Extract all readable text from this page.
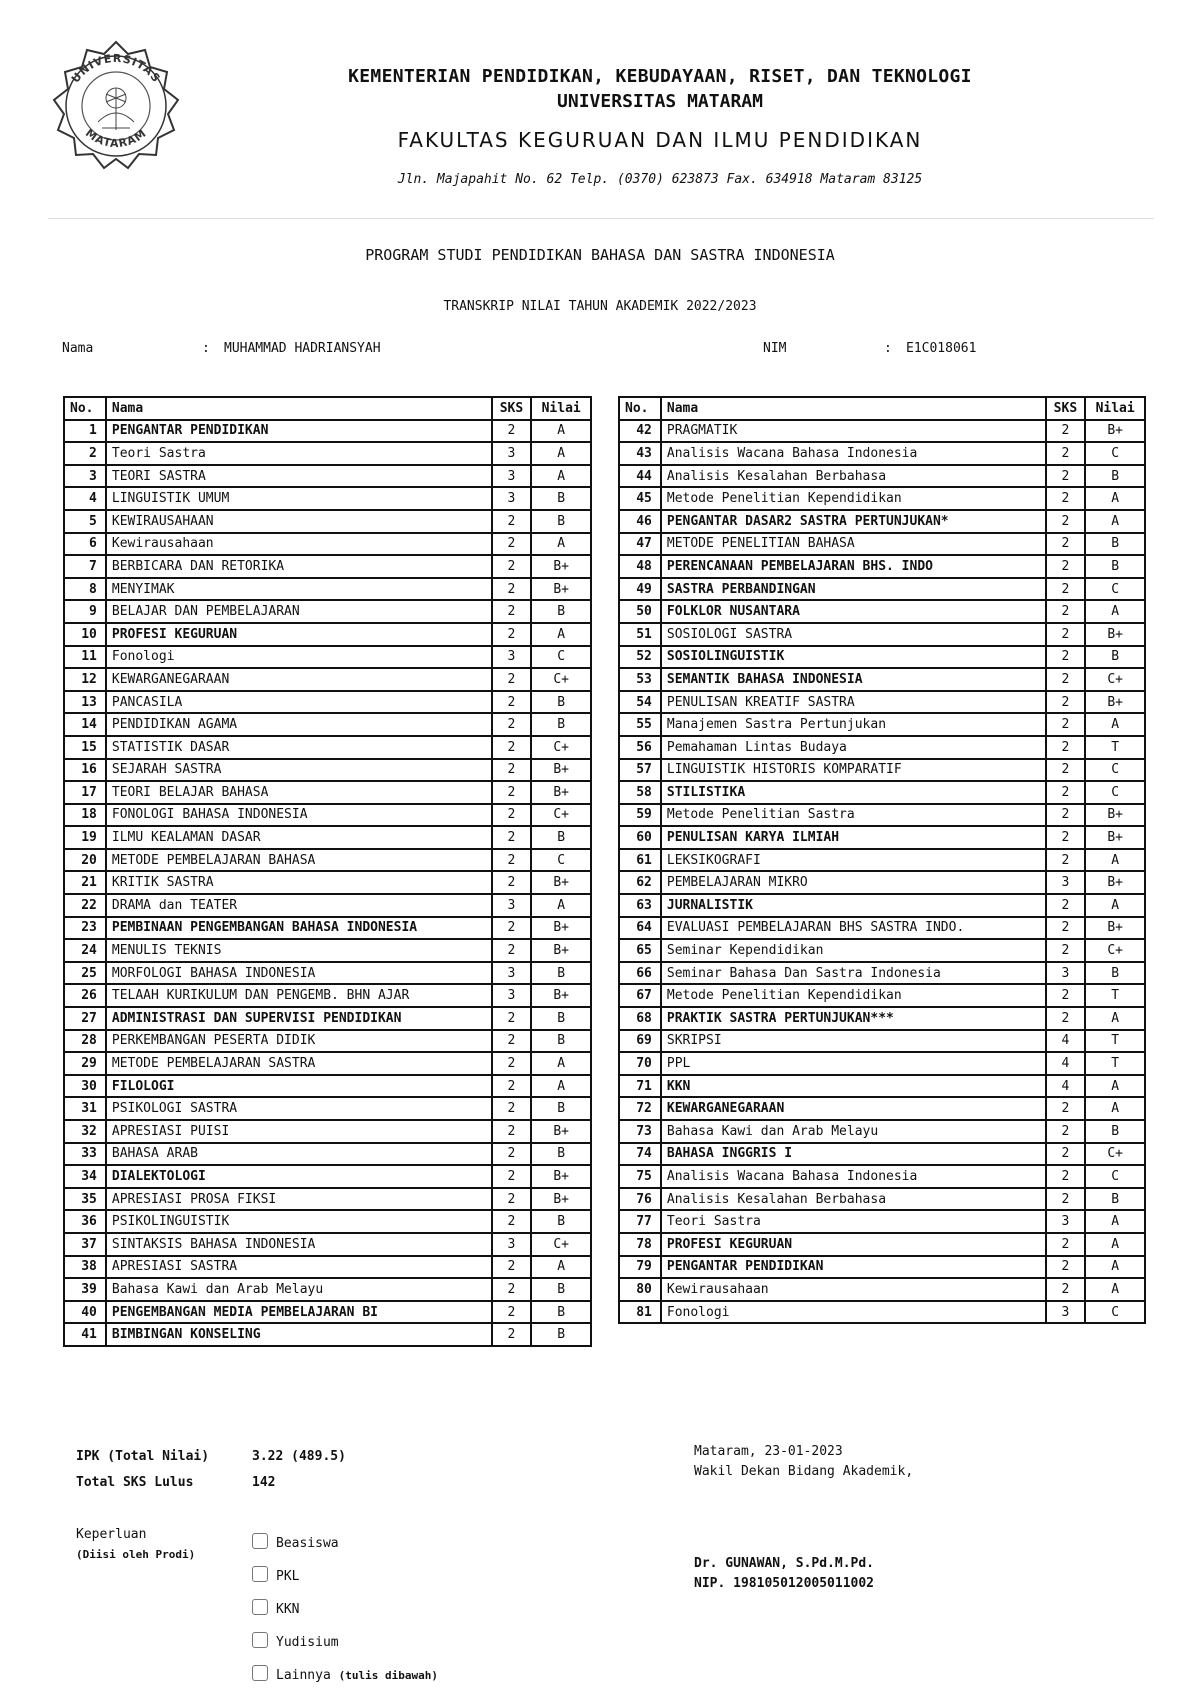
UNIVERSITAS
MATARAM
KEMENTERIAN PENDIDIKAN, KEBUDAYAAN, RISET, DAN TEKNOLOGI
UNIVERSITAS MATARAM
FAKULTAS KEGURUAN DAN ILMU PENDIDIKAN
Jln. Majapahit No. 62 Telp. (0370) 623873 Fax. 634918 Mataram 83125
PROGRAM STUDI PENDIDIKAN BAHASA DAN SASTRA INDONESIA
TRANSKRIP NILAI TAHUN AKADEMIK 2022/2023
Nama	: MUHAMMAD HADRIANSYAH	NIM	: E1C018061
No.	Nama	SKS	Nilai
1	PENGANTAR PENDIDIKAN	2	A
2	Teori Sastra	3	A
3	TEORI SASTRA	3	A
4	LINGUISTIK UMUM	3	B
5	KEWIRAUSAHAAN	2	B
6	Kewirausahaan	2	A
7	BERBICARA DAN RETORIKA	2	B+
8	MENYIMAK	2	B+
9	BELAJAR DAN PEMBELAJARAN	2	B
10	PROFESI KEGURUAN	2	A
11	Fonologi	3	C
12	KEWARGANEGARAAN	2	C+
13	PANCASILA	2	B
14	PENDIDIKAN AGAMA	2	B
15	STATISTIK DASAR	2	C+
16	SEJARAH SASTRA	2	B+
17	TEORI BELAJAR BAHASA	2	B+
18	FONOLOGI BAHASA INDONESIA	2	C+
19	ILMU KEALAMAN DASAR	2	B
20	METODE PEMBELAJARAN BAHASA	2	C
21	KRITIK SASTRA	2	B+
22	DRAMA dan TEATER	3	A
23	PEMBINAAN PENGEMBANGAN BAHASA INDONESIA	2	B+
24	MENULIS TEKNIS	2	B+
25	MORFOLOGI BAHASA INDONESIA	3	B
26	TELAAH KURIKULUM DAN PENGEMB. BHN AJAR	3	B+
27	ADMINISTRASI DAN SUPERVISI PENDIDIKAN	2	B
28	PERKEMBANGAN PESERTA DIDIK	2	B
29	METODE PEMBELAJARAN SASTRA	2	A
30	FILOLOGI	2	A
31	PSIKOLOGI SASTRA	2	B
32	APRESIASI PUISI	2	B+
33	BAHASA ARAB	2	B
34	DIALEKTOLOGI	2	B+
35	APRESIASI PROSA FIKSI	2	B+
36	PSIKOLINGUISTIK	2	B
37	SINTAKSIS BAHASA INDONESIA	3	C+
38	APRESIASI SASTRA	2	A
39	Bahasa Kawi dan Arab Melayu	2	B
40	PENGEMBANGAN MEDIA PEMBELAJARAN BI	2	B
41	BIMBINGAN KONSELING	2	B
No.	Nama	SKS	Nilai
42	PRAGMATIK	2	B+
43	Analisis Wacana Bahasa Indonesia	2	C
44	Analisis Kesalahan Berbahasa	2	B
45	Metode Penelitian Kependidikan	2	A
46	PENGANTAR DASAR2 SASTRA PERTUNJUKAN*	2	A
47	METODE PENELITIAN BAHASA	2	B
48	PERENCANAAN PEMBELAJARAN BHS. INDO	2	B
49	SASTRA PERBANDINGAN	2	C
50	FOLKLOR NUSANTARA	2	A
51	SOSIOLOGI SASTRA	2	B+
52	SOSIOLINGUISTIK	2	B
53	SEMANTIK BAHASA INDONESIA	2	C+
54	PENULISAN KREATIF SASTRA	2	B+
55	Manajemen Sastra Pertunjukan	2	A
56	Pemahaman Lintas Budaya	2	T
57	LINGUISTIK HISTORIS KOMPARATIF	2	C
58	STILISTIKA	2	C
59	Metode Penelitian Sastra	2	B+
60	PENULISAN KARYA ILMIAH	2	B+
61	LEKSIKOGRAFI	2	A
62	PEMBELAJARAN MIKRO	3	B+
63	JURNALISTIK	2	A
64	EVALUASI PEMBELAJARAN BHS SASTRA INDO.	2	B+
65	Seminar Kependidikan	2	C+
66	Seminar Bahasa Dan Sastra Indonesia	3	B
67	Metode Penelitian Kependidikan	2	T
68	PRAKTIK SASTRA PERTUNJUKAN***	2	A
69	SKRIPSI	4	T
70	PPL	4	T
71	KKN	4	A
72	KEWARGANEGARAAN	2	A
73	Bahasa Kawi dan Arab Melayu	2	B
74	BAHASA INGGRIS I	2	C+
75	Analisis Wacana Bahasa Indonesia	2	C
76	Analisis Kesalahan Berbahasa	2	B
77	Teori Sastra	3	A
78	PROFESI KEGURUAN	2	A
79	PENGANTAR PENDIDIKAN	2	A
80	Kewirausahaan	2	A
81	Fonologi	3	C
IPK (Total Nilai)	3.22 (489.5)
Total SKS Lulus	142
Keperluan
(Diisi oleh Prodi)
Beasiswa
PKL
KKN
Yudisium
Lainnya (tulis dibawah)
Mataram, 23-01-2023
Wakil Dekan Bidang Akademik,
Dr. GUNAWAN, S.Pd.M.Pd.
NIP. 198105012005011002
